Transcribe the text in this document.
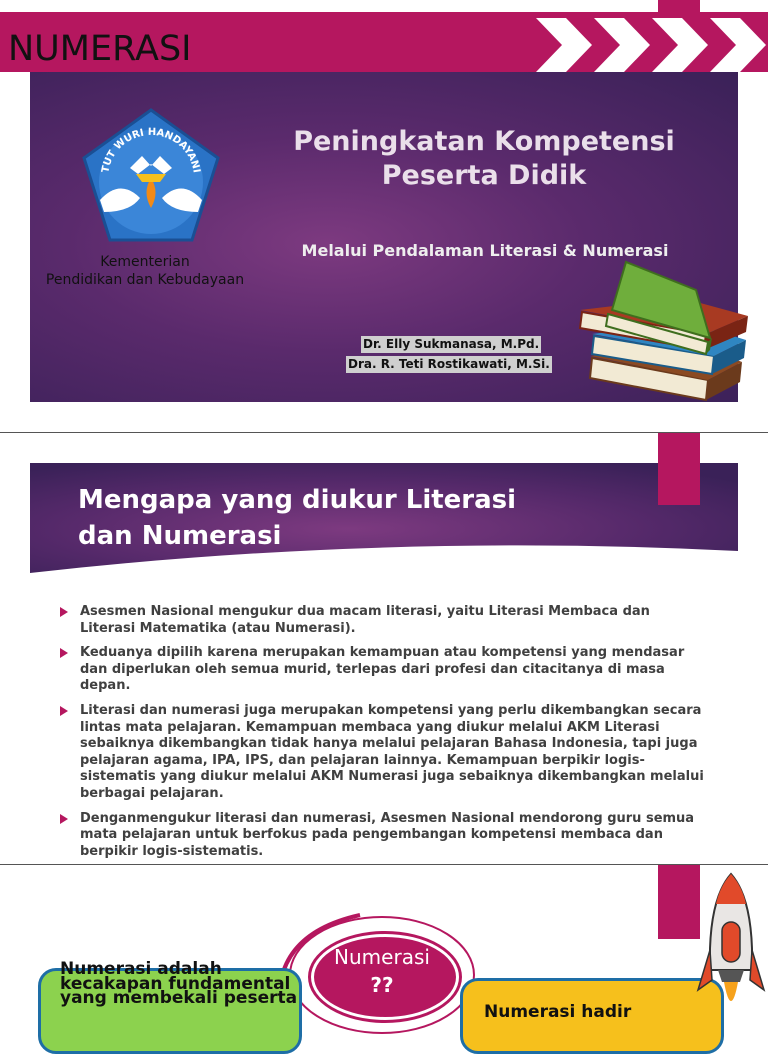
NUMERASI
TUT WURI HANDAYANI
Kementerian
Pendidikan dan Kebudayaan
Peningkatan Kompetensi
Peserta Didik
Melalui Pendalaman Literasi & Numerasi
Dr. Elly Sukmanasa, M.Pd.
Dra. R. Teti Rostikawati, M.Si.
Mengapa yang diukur Literasi
dan Numerasi
Asesmen Nasional mengukur dua macam literasi, yaitu Literasi Membaca dan Literasi Matematika (atau Numerasi).
Keduanya dipilih karena merupakan kemampuan atau kompetensi yang mendasar dan diperlukan oleh semua murid, terlepas dari profesi dan citacitanya di masa depan.
Literasi dan numerasi juga merupakan kompetensi yang perlu dikembangkan secara lintas mata pelajaran. Kemampuan membaca yang diukur melalui AKM Literasi sebaiknya dikembangkan tidak hanya melalui pelajaran Bahasa Indonesia, tapi juga pelajaran agama, IPA, IPS, dan pelajaran lainnya. Kemampuan berpikir logis-sistematis yang diukur melalui AKM Numerasi juga sebaiknya dikembangkan melalui berbagai pelajaran.
Denganmengukur literasi dan numerasi, Asesmen Nasional mendorong guru semua mata pelajaran untuk berfokus pada pengembangan kompetensi membaca dan berpikir logis-sistematis.
Numerasi
??
Numerasi adalah kecakapan fundamental yang membekali peserta
Numerasi hadir
